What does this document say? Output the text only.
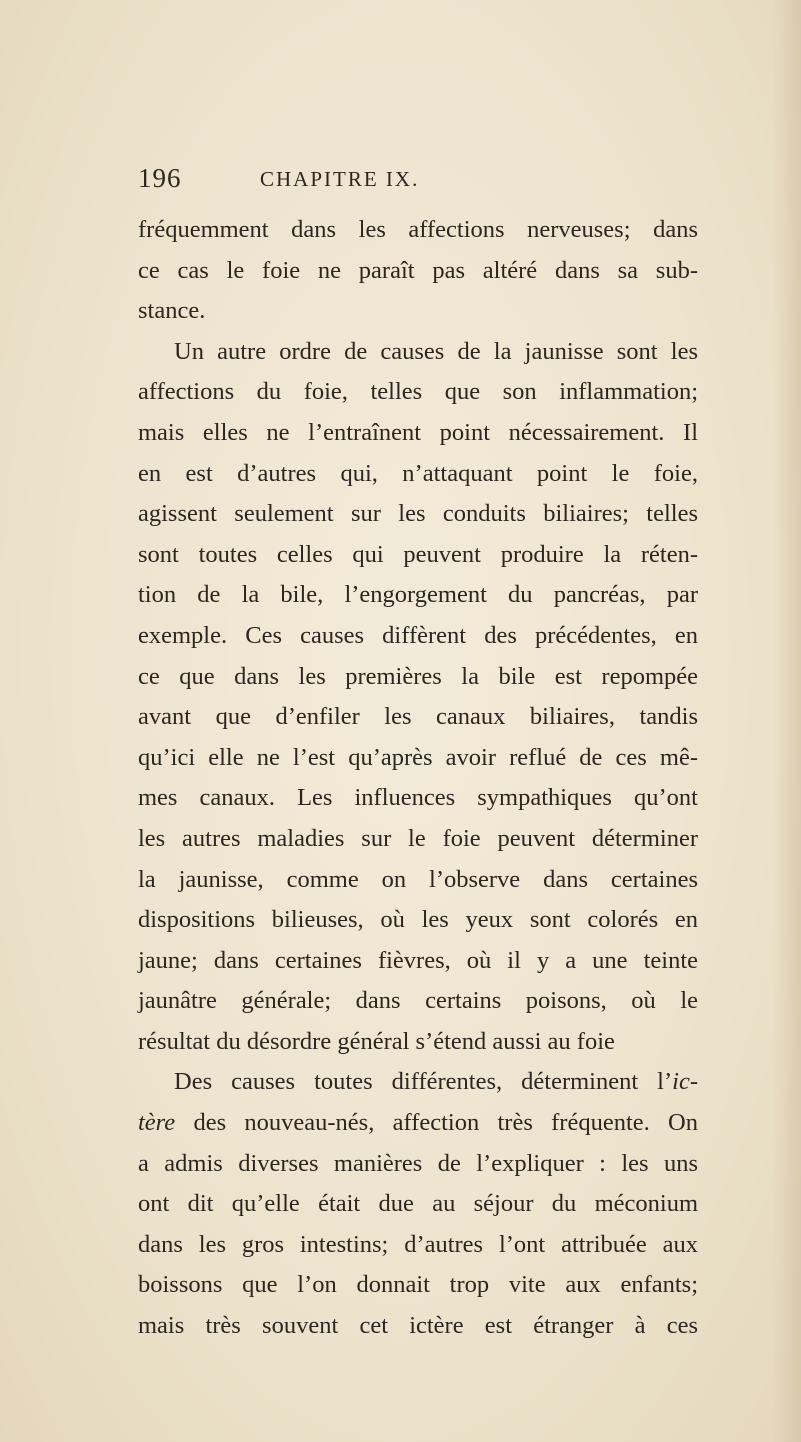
196	CHAPITRE IX.
fréquemment dans les affections nerveuses; dans
ce cas le foie ne paraît pas altéré dans sa sub-
stance.
Un autre ordre de causes de la jaunisse sont les
affections du foie, telles que son inflammation;
mais elles ne l’entraînent point nécessairement. Il
en est d’autres qui, n’attaquant point le foie,
agissent seulement sur les conduits biliaires; telles
sont toutes celles qui peuvent produire la réten-
tion de la bile, l’engorgement du pancréas, par
exemple. Ces causes diffèrent des précédentes, en
ce que dans les premières la bile est repompée
avant que d’enfiler les canaux biliaires, tandis
qu’ici elle ne l’est qu’après avoir reflué de ces mê-
mes canaux. Les influences sympathiques qu’ont
les autres maladies sur le foie peuvent déterminer
la jaunisse, comme on l’observe dans certaines
dispositions bilieuses, où les yeux sont colorés en
jaune; dans certaines fièvres, où il y a une teinte
jaunâtre générale; dans certains poisons, où le
résultat du désordre général s’étend aussi au foie
Des causes toutes différentes, déterminent l’ic-
tère des nouveau-nés, affection très fréquente. On
a admis diverses manières de l’expliquer : les uns
ont dit qu’elle était due au séjour du méconium
dans les gros intestins; d’autres l’ont attribuée aux
boissons que l’on donnait trop vite aux enfants;
mais très souvent cet ictère est étranger à ces
